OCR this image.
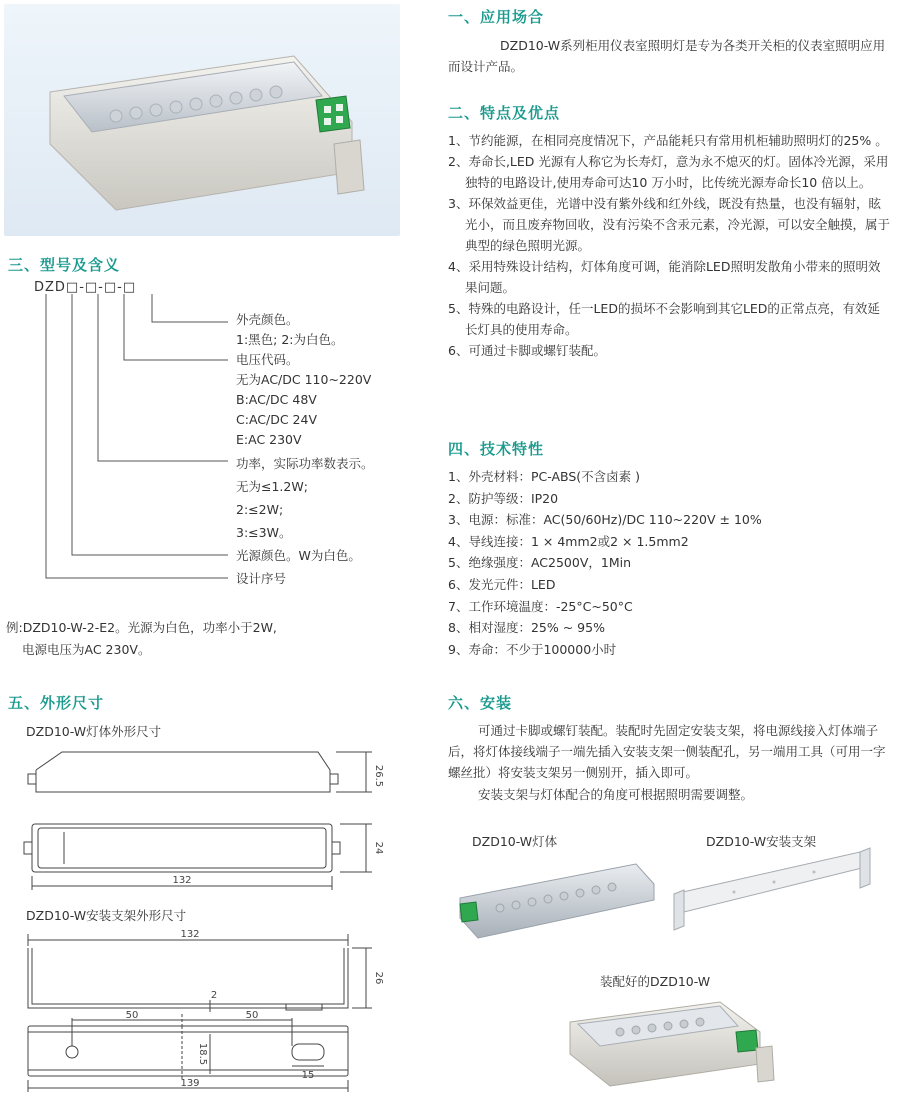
三、型号及含义
DZD□-□-□-□
外壳颜色。
1:黑色; 2:为白色。
电压代码。
无为AC/DC 110~220V
B:AC/DC 48V
C:AC/DC 24V
E:AC 230V
功率，实际功率数表示。
无为≤1.2W;
2:≤2W;
3:≤3W。
光源颜色。W为白色。
设计序号
例:DZD10-W-2-E2。光源为白色，功率小于2W,
电源电压为AC 230V。
五、外形尺寸
DZD10-W灯体外形尺寸
26.5
24
132
DZD10-W安装支架外形尺寸
132
26
2
50	50
18.5
15
139
一、应用场合
DZD10-W系列柜用仪表室照明灯是专为各类开关柜的仪表室照明应用而设计产品。
二、特点及优点
1、节约能源，在相同亮度情况下，产品能耗只有常用机柜辅助照明灯的25% 。
2、寿命长,LED 光源有人称它为长寿灯，意为永不熄灭的灯。固体冷光源，采用独特的电路设计,使用寿命可达10 万小时，比传统光源寿命长10 倍以上。
3、环保效益更佳，光谱中没有紫外线和红外线，既没有热量，也没有辐射，眩光小，而且废弃物回收，没有污染不含汞元素，冷光源，可以安全触摸，属于典型的绿色照明光源。
4、采用特殊设计结构，灯体角度可调，能消除LED照明发散角小带来的照明效果问题。
5、特殊的电路设计，任一LED的损坏不会影响到其它LED的正常点亮，有效延长灯具的使用寿命。
6、可通过卡脚或螺钉装配。
四、技术特性
1、外壳材料：PC-ABS(不含卤素 )
2、防护等级：IP20
3、电源：标准：AC(50/60Hz)/DC 110~220V ± 10%
4、导线连接：1 × 4mm2或2 × 1.5mm2
5、绝缘强度：AC2500V，1Min
6、发光元件：LED
7、工作环境温度：-25°C~50°C
8、相对湿度：25% ~ 95%
9、寿命：不少于100000小时
六、安装
可通过卡脚或螺钉装配。装配时先固定安装支架，将电源线接入灯体端子后，将灯体接线端子一端先插入安装支架一侧装配孔，另一端用工具（可用一字螺丝批）将安装支架另一侧别开，插入即可。
安装支架与灯体配合的角度可根据照明需要调整。
DZD10-W灯体	DZD10-W安装支架
装配好的DZD10-W
